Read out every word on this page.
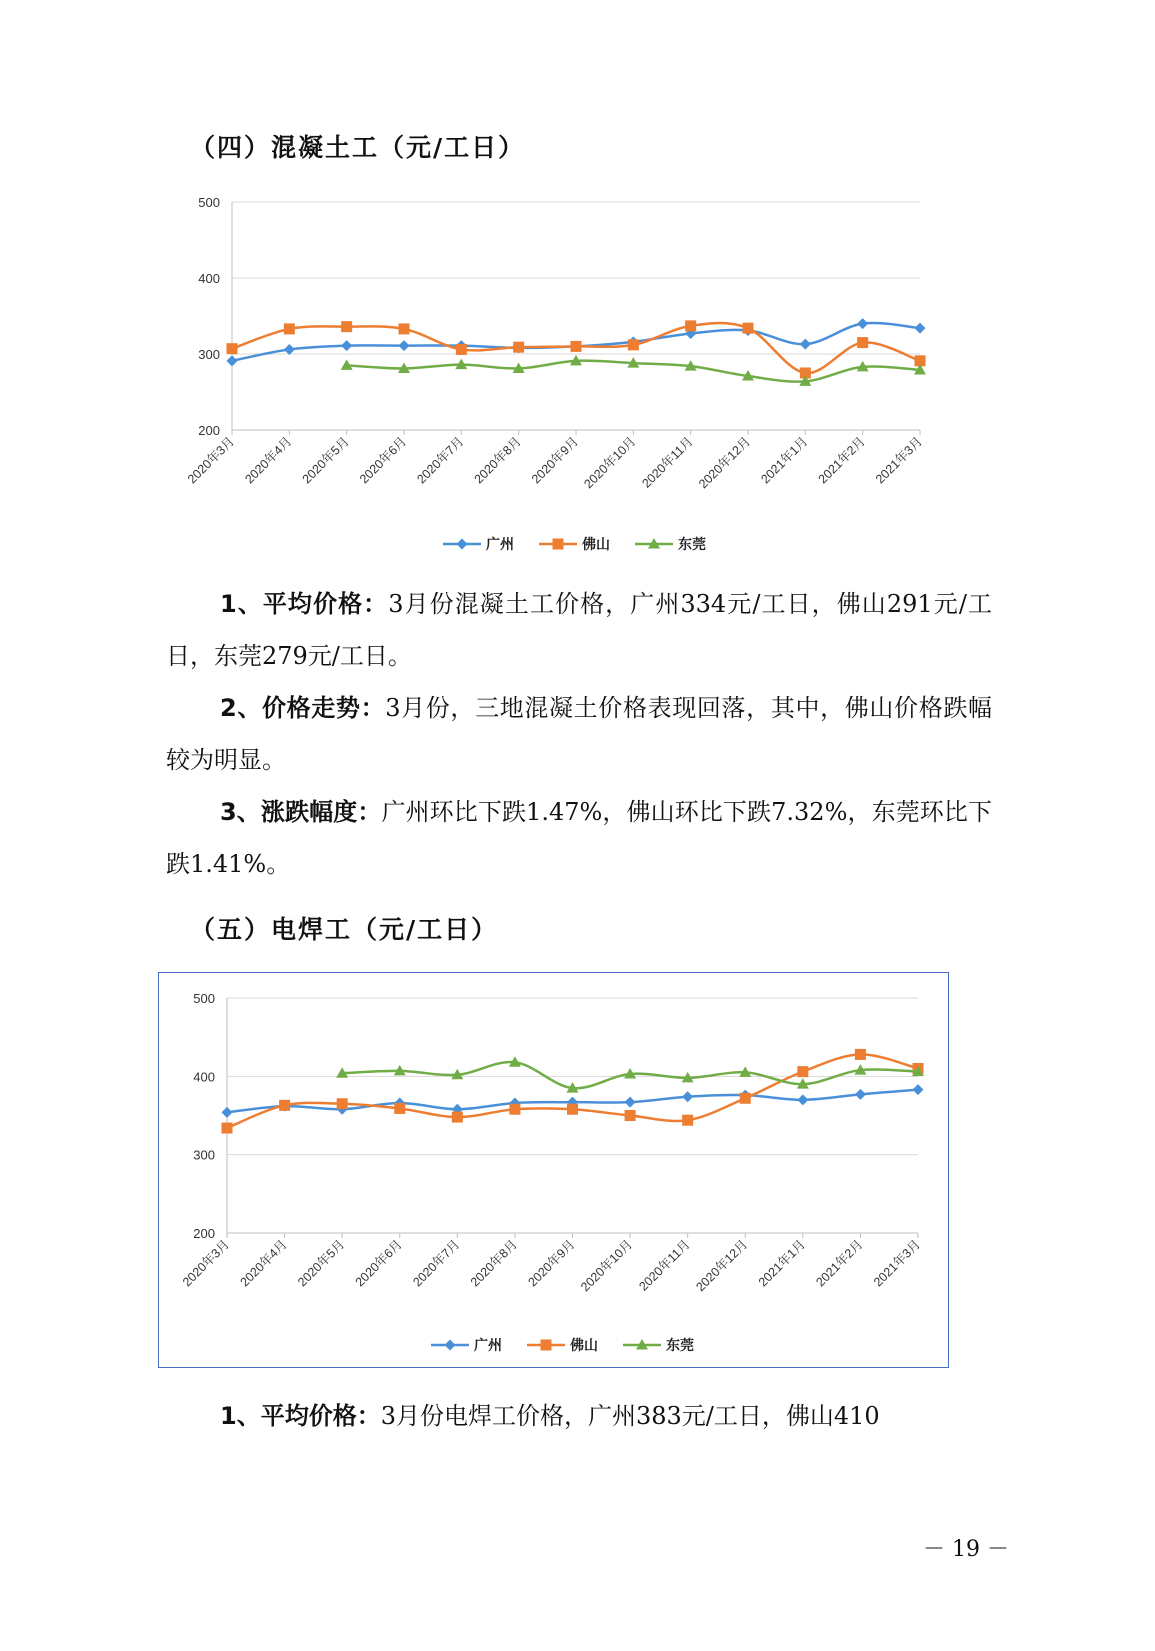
（四）混凝土工（元/工日）
200
300
400
500
2020年3月 2020年4月 2020年5月 2020年6月 2020年7月 2020年8月 2020年9月 2020年10月 2020年11月 2020年12月 2021年1月 2021年2月 2021年3月
广州	佛山	东莞
1、平均价格：3月份混凝土工价格，广州334元/工日，佛山291元/工日，东莞279元/工日。
2、价格走势：3月份，三地混凝土价格表现回落，其中，佛山价格跌幅较为明显。
3、涨跌幅度：广州环比下跌1.47%，佛山环比下跌7.32%，东莞环比下跌1.41%。
（五）电焊工（元/工日）
200
300
400
500
2020年3月 2020年4月 2020年5月 2020年6月 2020年7月 2020年8月 2020年9月 2020年10月 2020年11月 2020年12月 2021年1月 2021年2月 2021年3月
广州	佛山	东莞
1、平均价格：3月份电焊工价格，广州383元/工日，佛山410
－ 19 －
